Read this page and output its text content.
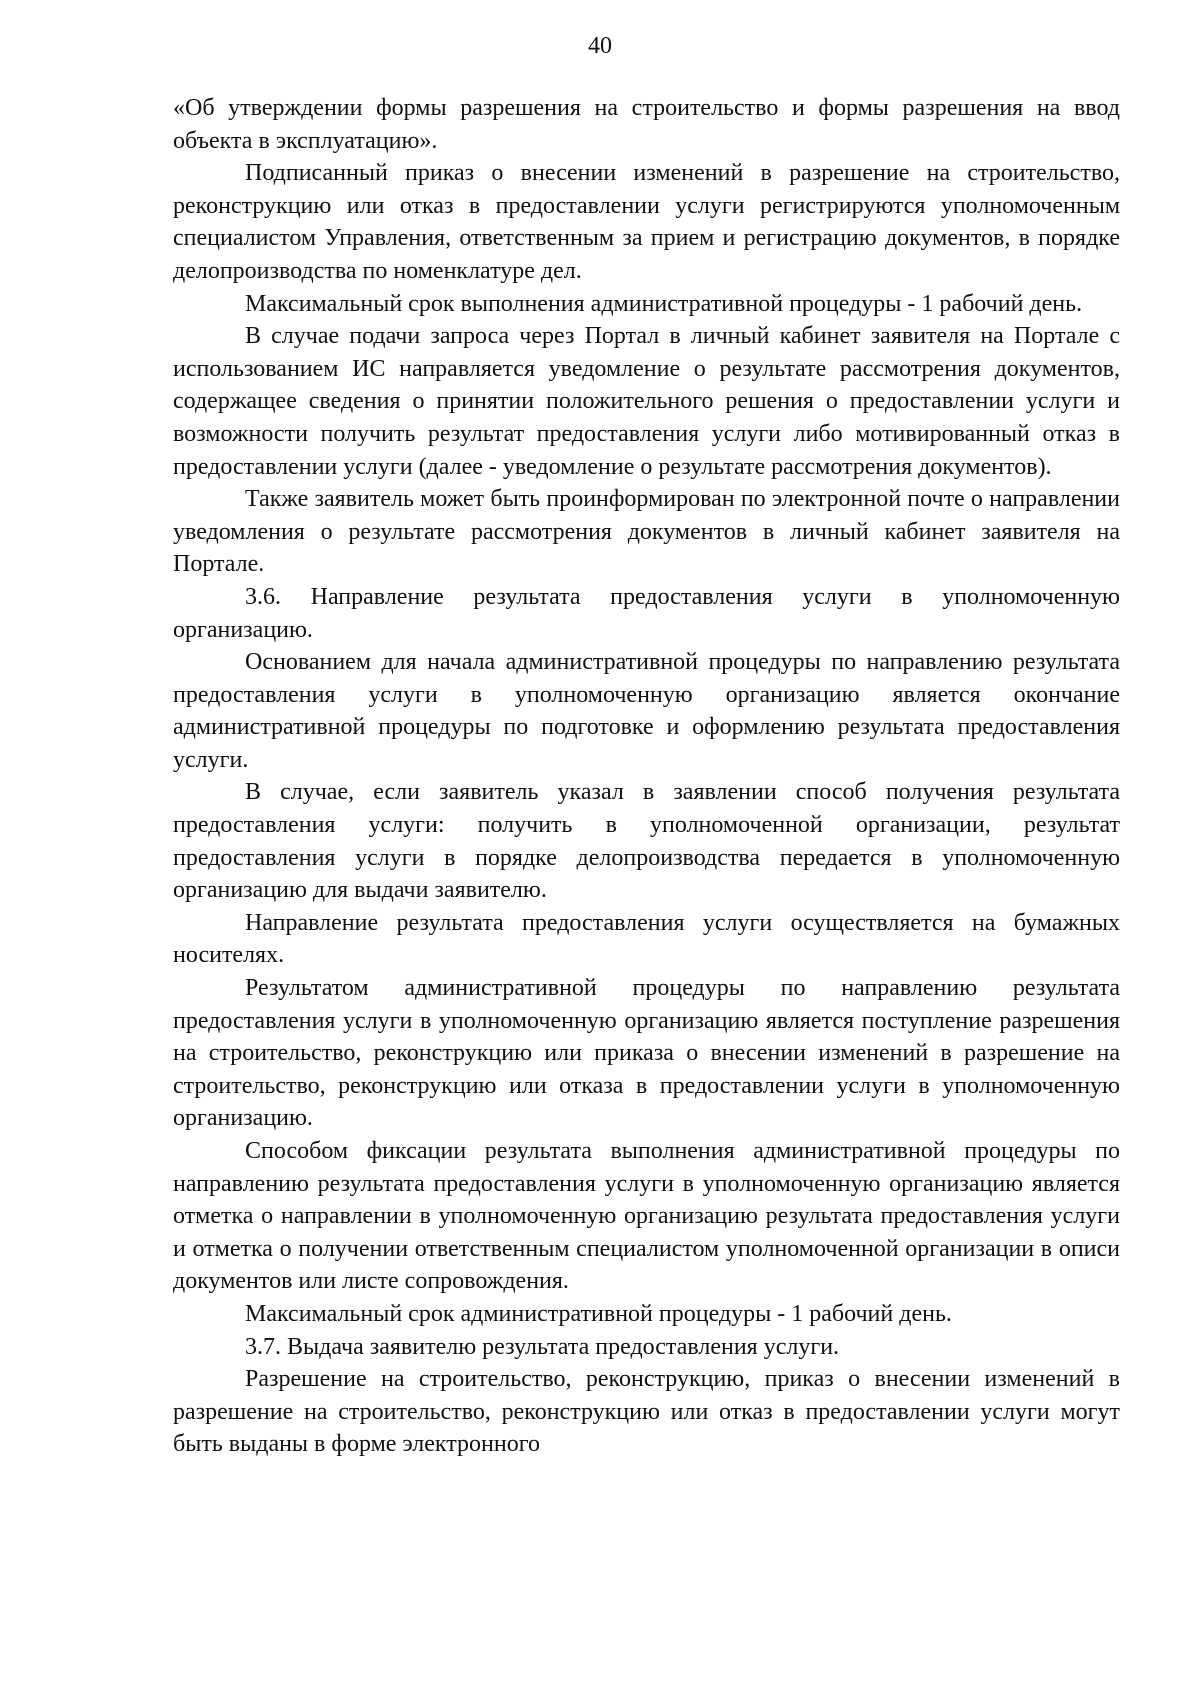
40

«Об утверждении формы разрешения на строительство и формы разрешения на ввод объекта в эксплуатацию».

Подписанный приказ о внесении изменений в разрешение на строительство, реконструкцию или отказ в предоставлении услуги регистрируются уполномоченным специалистом Управления, ответственным за прием и регистрацию документов, в порядке делопроизводства по номенклатуре дел.

Максимальный срок выполнения административной процедуры - 1 рабочий день.

В случае подачи запроса через Портал в личный кабинет заявителя на Портале с использованием ИС направляется уведомление о результате рассмотрения документов, содержащее сведения о принятии положительного решения о предоставлении услуги и возможности получить результат предоставления услуги либо мотивированный отказ в предоставлении услуги (далее - уведомление о результате рассмотрения документов).

Также заявитель может быть проинформирован по электронной почте о направлении уведомления о результате рассмотрения документов в личный кабинет заявителя на Портале.

3.6. Направление результата предоставления услуги в уполномоченную организацию.

Основанием для начала административной процедуры по направлению результата предоставления услуги в уполномоченную организацию является окончание административной процедуры по подготовке и оформлению результата предоставления услуги.

В случае, если заявитель указал в заявлении способ получения результата предоставления услуги: получить в уполномоченной организации, результат предоставления услуги в порядке делопроизводства передается в уполномоченную организацию для выдачи заявителю.

Направление результата предоставления услуги осуществляется на бумажных носителях.

Результатом административной процедуры по направлению результата предоставления услуги в уполномоченную организацию является поступление разрешения на строительство, реконструкцию или приказа о внесении изменений в разрешение на строительство, реконструкцию или отказа в предоставлении услуги в уполномоченную организацию.

Способом фиксации результата выполнения административной процедуры по направлению результата предоставления услуги в уполномоченную организацию является отметка о направлении в уполномоченную организацию результата предоставления услуги и отметка о получении ответственным специалистом уполномоченной организации в описи документов или листе сопровождения.

Максимальный срок административной процедуры - 1 рабочий день.

3.7. Выдача заявителю результата предоставления услуги.

Разрешение на строительство, реконструкцию, приказ о внесении изменений в разрешение на строительство, реконструкцию или отказ в предоставлении услуги могут быть выданы в форме электронного
